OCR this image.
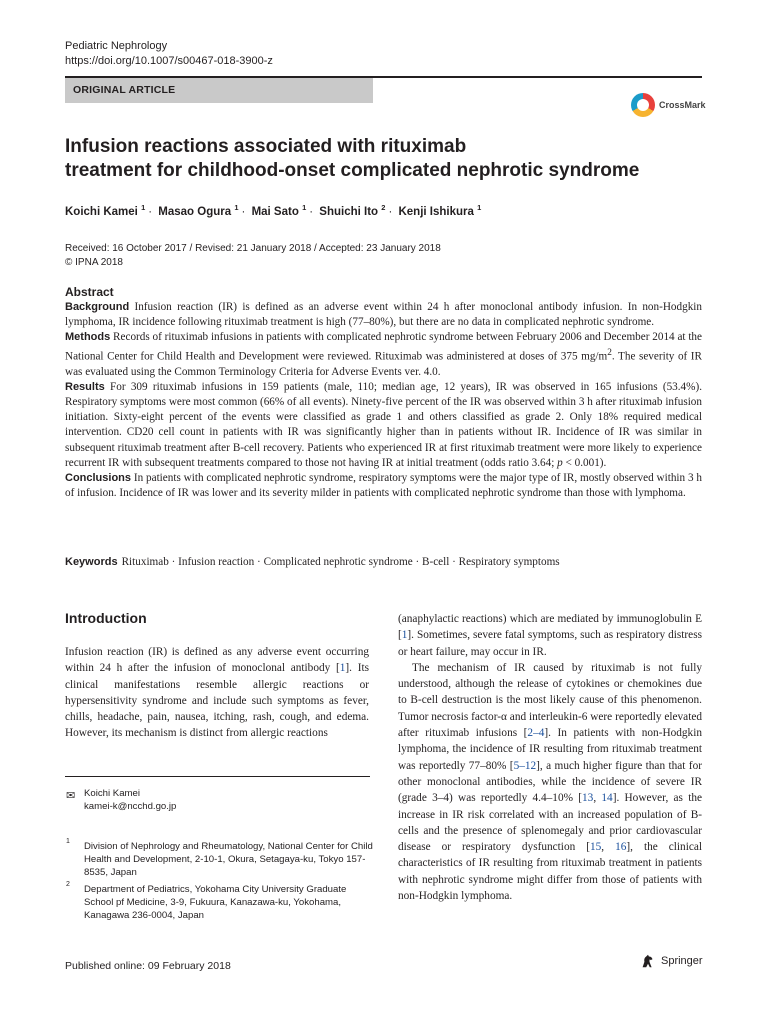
Pediatric Nephrology
https://doi.org/10.1007/s00467-018-3900-z
ORIGINAL ARTICLE
CrossMark
Infusion reactions associated with rituximab
treatment for childhood-onset complicated nephrotic syndrome
Koichi Kamei $^1$ · Masao Ogura $^1$ · Mai Sato $^1$ · Shuichi Ito $^2$ · Kenji Ishikura $^1$
Received: 16 October 2017 / Revised: 21 January 2018 / Accepted: 23 January 2018
© IPNA 2018
Abstract

Background Infusion reaction (IR) is defined as an adverse event within 24 h after monoclonal antibody infusion. In non-Hodgkin lymphoma, IR incidence following rituximab treatment is high (77–80%), but there are no data in complicated nephrotic syndrome.

Methods Records of rituximab infusions in patients with complicated nephrotic syndrome between February 2006 and December 2014 at the National Center for Child Health and Development were reviewed. Rituximab was administered at doses of 375 $mg/m^2$. The severity of IR was evaluated using the Common Terminology Criteria for Adverse Events ver. 4.0.

Results For 309 rituximab infusions in 159 patients (male, 110; median age, 12 years), IR was observed in 165 infusions (53.4%). Respiratory symptoms were most common (66% of all events). Ninety-five percent of the IR was observed within 3 h after rituximab infusion initiation. Sixty-eight percent of the events were classified as grade 1 and others classified as grade 2. Only 18% required medical intervention. CD20 cell count in patients with IR was significantly higher than in patients without IR. Incidence of IR was similar in subsequent rituximab treatment after B-cell recovery. Patients who experienced IR at first rituximab treatment were more likely to experience recurrent IR with subsequent treatments compared to those not having IR at initial treatment (odds ratio 3.64; p < 0.001).

Conclusions In patients with complicated nephrotic syndrome, respiratory symptoms were the major type of IR, mostly observed within 3 h of infusion. Incidence of IR was lower and its severity milder in patients with complicated nephrotic syndrome than those with lymphoma.

Keywords Rituximab · Infusion reaction · Complicated nephrotic syndrome · B-cell · Respiratory symptoms
Introduction

Infusion reaction (IR) is defined as any adverse event occurring within 24 h after the infusion of monoclonal antibody [1]. Its clinical manifestations resemble allergic reactions or hypersensitivity syndrome and include such symptoms as fever, chills, headache, pain, nausea, itching, rash, cough, and edema. However, its mechanism is distinct from allergic reactions

(anaphylactic reactions) which are mediated by immunoglobulin E [1]. Sometimes, severe fatal symptoms, such as respiratory distress or heart failure, may occur in IR.

The mechanism of IR caused by rituximab is not fully understood, although the release of cytokines or chemokines due to B-cell destruction is the most likely cause of this phenomenon. Tumor necrosis factor-α and interleukin-6 were reportedly elevated after rituximab infusions [2–4]. In patients with non-Hodgkin lymphoma, the incidence of IR resulting from rituximab treatment was reportedly 77–80% [5–12], a much higher figure than that for other monoclonal antibodies, while the incidence of severe IR (grade 3–4) was reportedly 4.4–10% [13, 14]. However, as the increase in IR risk correlated with an increased population of B-cells and the presence of splenomegaly and prior cardiovascular disease or respiratory dysfunction [15, 16], the clinical characteristics of IR resulting from rituximab treatment in patients with nephrotic syndrome might differ from those of patients with non-Hodgkin lymphoma.

✉ Koichi Kamei
kamei-k@ncchd.go.jp
1 Division of Nephrology and Rheumatology, National Center for Child Health and Development, 2-10-1, Okura, Setagaya-ku, Tokyo 157-8535, Japan
2 Department of Pediatrics, Yokohama City University Graduate School pf Medicine, 3-9, Fukuura, Kanazawa-ku, Yokohama, Kanagawa 236-0004, Japan
Published online: 09 February 2018	Springer
